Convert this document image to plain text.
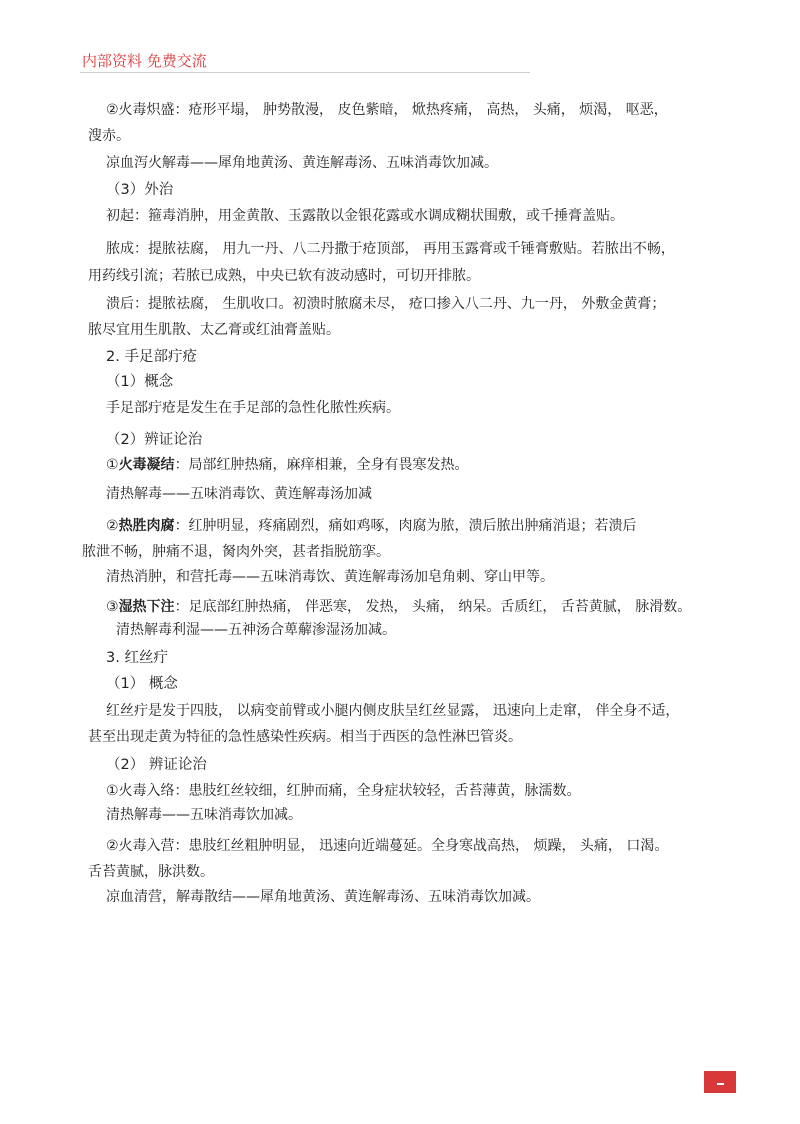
内部资料 免费交流
②火毒炽盛：疮形平塌， 肿势散漫， 皮色紫暗， 焮热疼痛， 高热， 头痛， 烦渴， 呕恶，
溲赤。
凉血泻火解毒——犀角地黄汤、黄连解毒汤、五味消毒饮加减。
（3）外治
初起：箍毒消肿，用金黄散、玉露散以金银花露或水调成糊状围敷，或千捶膏盖贴。
脓成：提脓祛腐， 用九一丹、八二丹撒于疮顶部， 再用玉露膏或千锤膏敷贴。若脓出不畅，
用药线引流；若脓已成熟，中央已软有波动感时，可切开排脓。
溃后：提脓祛腐， 生肌收口。初溃时脓腐未尽， 疮口掺入八二丹、九一丹， 外敷金黄膏；
脓尽宜用生肌散、太乙膏或红油膏盖贴。
2. 手足部疔疮
（1）概念
手足部疔疮是发生在手足部的急性化脓性疾病。
（2）辨证论治
①火毒凝结：局部红肿热痛，麻痒相兼，全身有畏寒发热。
清热解毒——五味消毒饮、黄连解毒汤加减
②热胜肉腐：红肿明显，疼痛剧烈，痛如鸡啄，肉腐为脓，溃后脓出肿痛消退；若溃后
脓泄不畅，肿痛不退，胬肉外突，甚者指脱筋挛。
清热消肿，和营托毒——五味消毒饮、黄连解毒汤加皂角刺、穿山甲等。
③湿热下注：足底部红肿热痛， 伴恶寒， 发热， 头痛， 纳呆。舌质红， 舌苔黄腻， 脉滑数。
清热解毒利湿——五神汤合萆薢渗湿汤加减。
3. 红丝疔
（1） 概念
红丝疔是发于四肢， 以病变前臂或小腿内侧皮肤呈红丝显露， 迅速向上走窜， 伴全身不适，
甚至出现走黄为特征的急性感染性疾病。相当于西医的急性淋巴管炎。
（2） 辨证论治
①火毒入络：患肢红丝较细，红肿而痛，全身症状较轻，舌苔薄黄，脉濡数。
清热解毒——五味消毒饮加减。
②火毒入营：患肢红丝粗肿明显， 迅速向近端蔓延。全身寒战高热， 烦躁， 头痛， 口渴。
舌苔黄腻，脉洪数。
凉血清营，解毒散结——犀角地黄汤、黄连解毒汤、五味消毒饮加减。
